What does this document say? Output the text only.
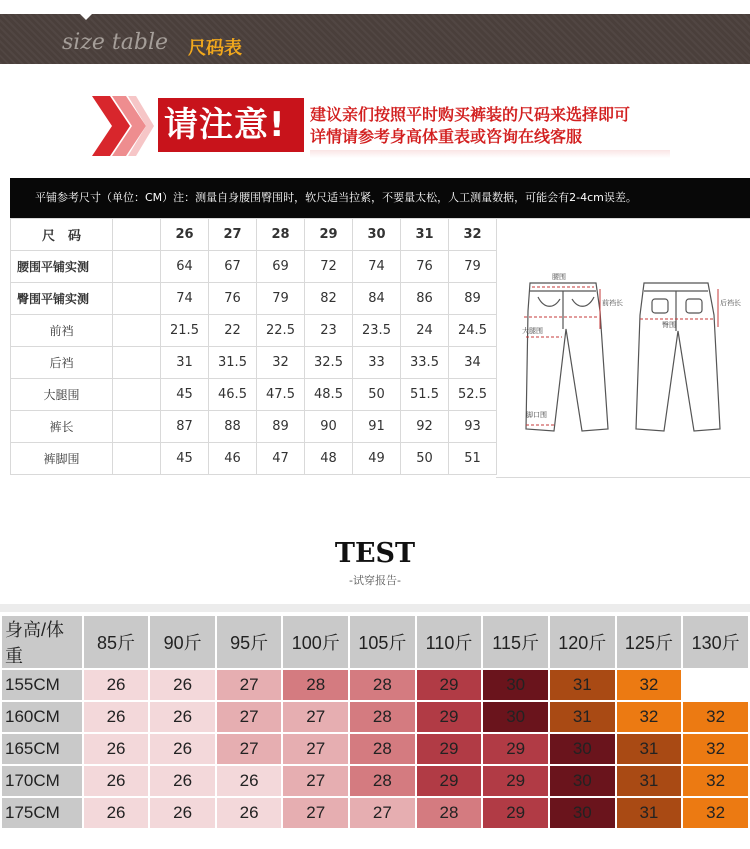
size table 尺码表
请注意!	建议亲们按照平时购买裤装的尺码来选择即可
详情请参考身高体重表或咨询在线客服
平铺参考尺寸（单位：CM）注：测量自身腰围臀围时，软尺适当拉紧，不要量太松，人工测量数据，可能会有2-4cm误差。
尺　码		26	27	28	29	30	31	32
腰围平铺实测		64	67	69	72	74	76	79
臀围平铺实测		74	76	79	82	84	86	89
前裆		21.5	22	22.5	23	23.5	24	24.5
后裆		31	31.5	32	32.5	33	33.5	34
大腿围		45	46.5	47.5	48.5	50	51.5	52.5
裤长		87	88	89	90	91	92	93
裤脚围		45	46	47	48	49	50	51
腰围
前裆长
大腿围
脚口围
臀围
后裆长
TEST
-试穿报告-
身高/体重	85斤	90斤	95斤	100斤	105斤	110斤	115斤	120斤	125斤	130斤
155CM	26	26	27	28	28	29	30	31	32	
160CM	26	26	27	27	28	29	30	31	32	32
165CM	26	26	27	27	28	29	29	30	31	32
170CM	26	26	26	27	28	29	29	30	31	32
175CM	26	26	26	27	27	28	29	30	31	32
